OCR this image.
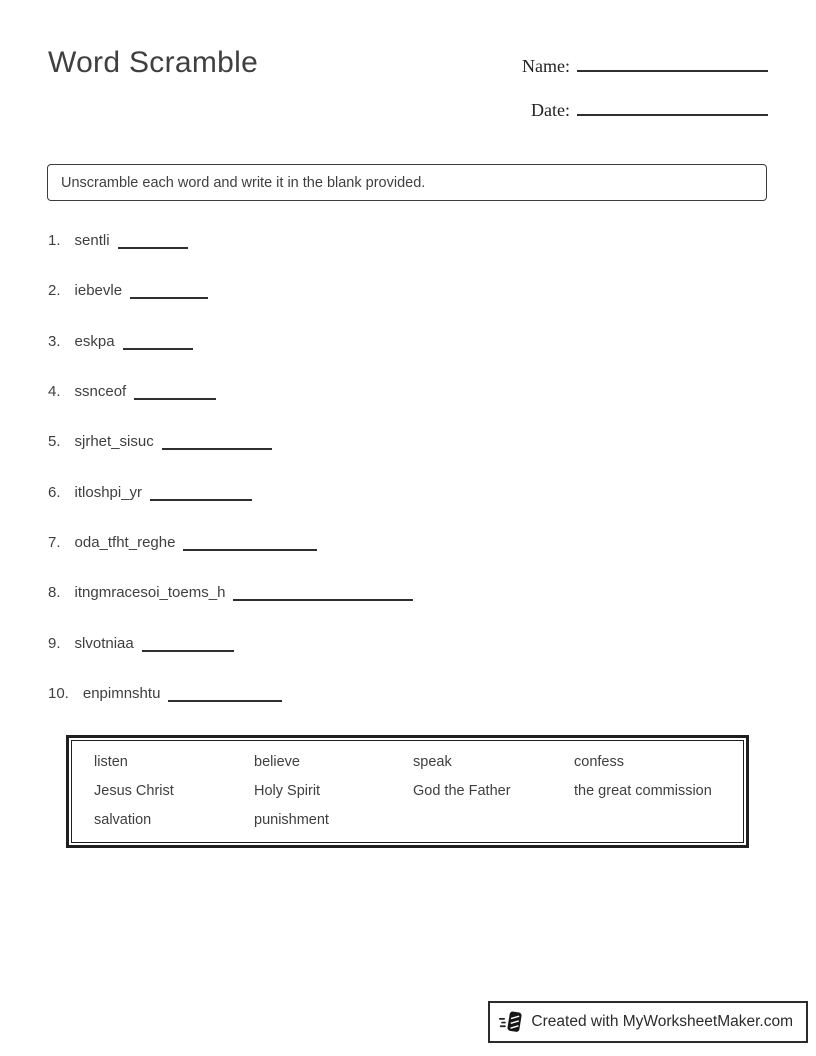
Word Scramble	Name:
Date:
Unscramble each word and write it in the blank provided.
1. sentli
2. iebevle
3. eskpa
4. ssnceof
5. sjrhet_sisuc
6. itloshpi_yr
7. oda_tfht_reghe
8. itngmracesoi_toems_h
9. slvotniaa
10. enpimnshtu
listen	believe	speak	confess
Jesus Christ	Holy Spirit	God the Father	the great commission
salvation	punishment
Created with MyWorksheetMaker.com
